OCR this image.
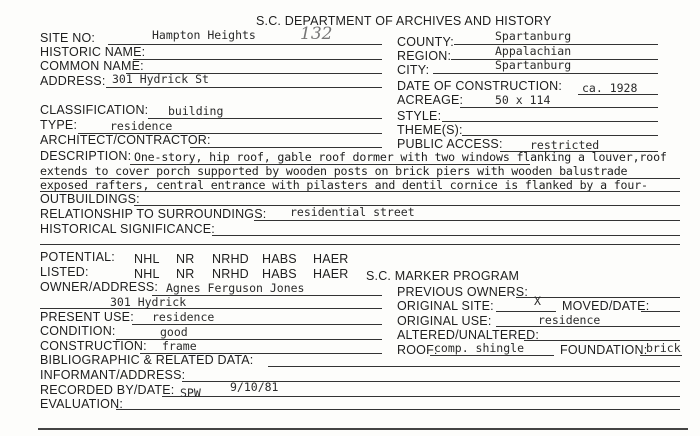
S.C. DEPARTMENT OF ARCHIVES AND HISTORY
SITE NO:	Hampton Heights	132	COUNTY:	Spartanburg
HISTORIC NAME:	REGION:	Appalachian
COMMON NAME:	CITY:	Spartanburg
ADDRESS: 301 Hydrick St	DATE OF CONSTRUCTION: ca. 1928
ACREAGE:	50 x 114
CLASSIFICATION: building	STYLE:
TYPE:	residence	THEME(S):
ARCHITECT/CONTRACTOR:	PUBLIC ACCESS: restricted
DESCRIPTION: One-story, hip roof, gable roof dormer with two windows flanking a louver,roof
extends to cover porch supported by wooden posts on brick piers with wooden balustrade
exposed rafters, central entrance with pilasters and dentil cornice is flanked by a four-
OUTBUILDINGS:
RELATIONSHIP TO SURROUNDINGS: residential street
HISTORICAL SIGNIFICANCE:
POTENTIAL: NHL NR NRHD HABS HAER
LISTED:	NHL NR NRHD HABS HAER S.C. MARKER PROGRAM
OWNER/ADDRESS: Agnes Ferguson Jones
301 Hydrick
PREVIOUS OWNERS:
PRESENT USE: residence
ORIGINAL SITE:	X MOVED/DATE:
CONDITION:	good
ORIGINAL USE:	residence
ALTERED/UNALTERED:
CONSTRUCTION: frame	ROOF:
comp. shingle	FOUNDATION:
brick
BIBLIOGRAPHIC & RELATED DATA:
INFORMANT/ADDRESS:
RECORDED BY/DATE: SPW	9/10/81
EVALUATION:
